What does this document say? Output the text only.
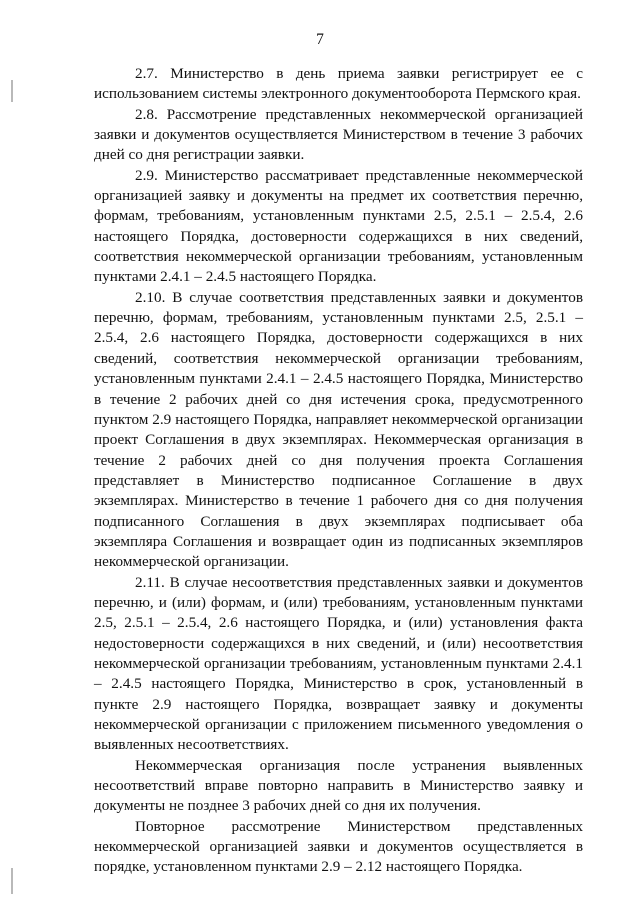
7

2.7. Министерство в день приема заявки регистрирует ее с использованием системы электронного документооборота Пермского края.

2.8. Рассмотрение представленных некоммерческой организацией заявки и документов осуществляется Министерством в течение 3 рабочих дней со дня регистрации заявки.

2.9. Министерство рассматривает представленные некоммерческой организацией заявку и документы на предмет их соответствия перечню, формам, требованиям, установленным пунктами 2.5, 2.5.1 – 2.5.4, 2.6 настоящего Порядка, достоверности содержащихся в них сведений, соответствия некоммерческой организации требованиям, установленным пунктами 2.4.1 – 2.4.5 настоящего Порядка.

2.10. В случае соответствия представленных заявки и документов перечню, формам, требованиям, установленным пунктами 2.5, 2.5.1 – 2.5.4, 2.6 настоящего Порядка, достоверности содержащихся в них сведений, соответствия некоммерческой организации требованиям, установленным пунктами 2.4.1 – 2.4.5 настоящего Порядка, Министерство в течение 2 рабочих дней со дня истечения срока, предусмотренного пунктом 2.9 настоящего Порядка, направляет некоммерческой организации проект Соглашения в двух экземплярах. Некоммерческая организация в течение 2 рабочих дней со дня получения проекта Соглашения представляет в Министерство подписанное Соглашение в двух экземплярах. Министерство в течение 1 рабочего дня со дня получения подписанного Соглашения в двух экземплярах подписывает оба экземпляра Соглашения и возвращает один из подписанных экземпляров некоммерческой организации.

2.11. В случае несоответствия представленных заявки и документов перечню, и (или) формам, и (или) требованиям, установленным пунктами 2.5, 2.5.1 – 2.5.4, 2.6 настоящего Порядка, и (или) установления факта недостоверности содержащихся в них сведений, и (или) несоответствия некоммерческой организации требованиям, установленным пунктами 2.4.1 – 2.4.5 настоящего Порядка, Министерство в срок, установленный в пункте 2.9 настоящего Порядка, возвращает заявку и документы некоммерческой организации с приложением письменного уведомления о выявленных несоответствиях.

Некоммерческая организация после устранения выявленных несоответствий вправе повторно направить в Министерство заявку и документы не позднее 3 рабочих дней со дня их получения.

Повторное рассмотрение Министерством представленных некоммерческой организацией заявки и документов осуществляется в порядке, установленном пунктами 2.9 – 2.12 настоящего Порядка.
